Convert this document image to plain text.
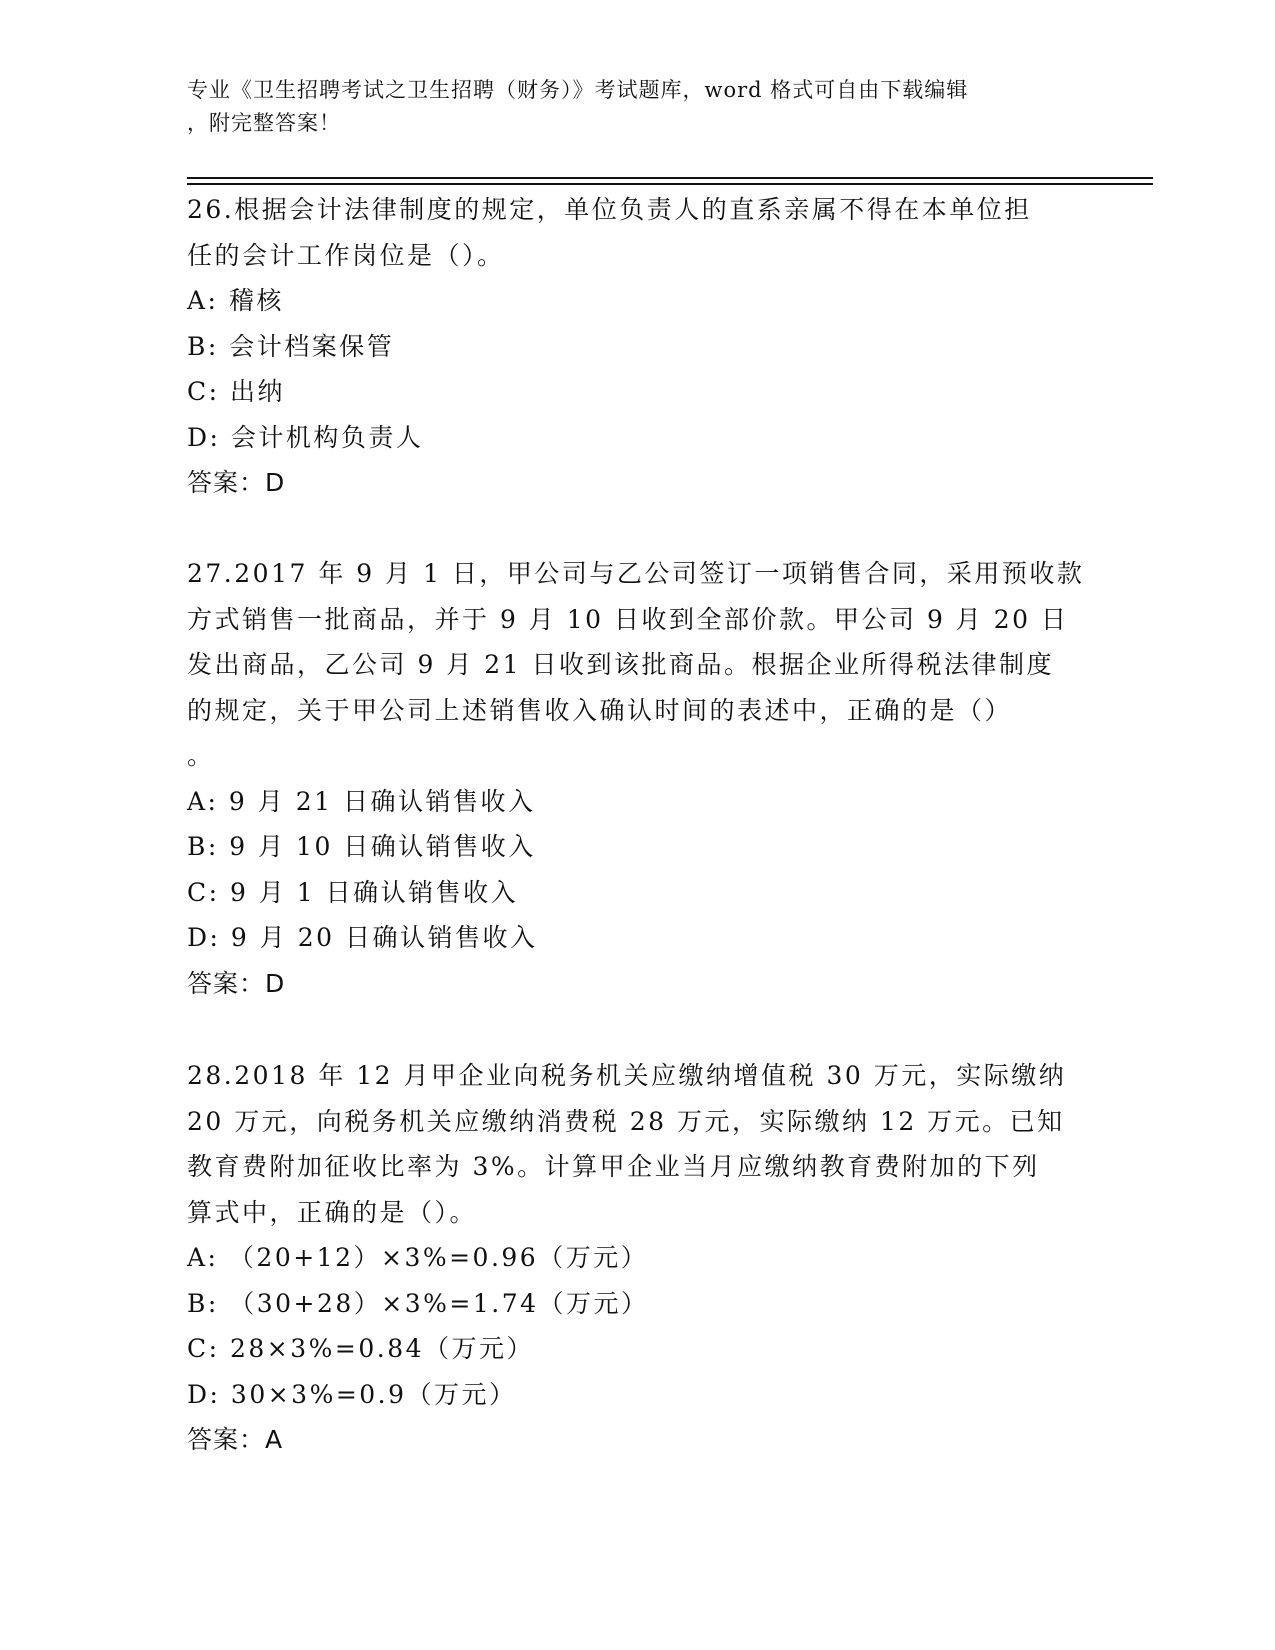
专业《卫生招聘考试之卫生招聘（财务）》考试题库，word 格式可自由下载编辑
，附完整答案！
26.根据会计法律制度的规定，单位负责人的直系亲属不得在本单位担
任的会计工作岗位是（）。
A: 稽核
B: 会计档案保管
C: 出纳
D: 会计机构负责人
答案：D
27.2017 年 9 月 1 日，甲公司与乙公司签订一项销售合同，采用预收款
方式销售一批商品，并于 9 月 10 日收到全部价款。甲公司 9 月 20 日
发出商品，乙公司 9 月 21 日收到该批商品。根据企业所得税法律制度
的规定，关于甲公司上述销售收入确认时间的表述中，正确的是（）
。
A: 9 月 21 日确认销售收入
B: 9 月 10 日确认销售收入
C: 9 月 1 日确认销售收入
D: 9 月 20 日确认销售收入
答案：D
28.2018 年 12 月甲企业向税务机关应缴纳增值税 30 万元，实际缴纳
20 万元，向税务机关应缴纳消费税 28 万元，实际缴纳 12 万元。已知
教育费附加征收比率为 3%。计算甲企业当月应缴纳教育费附加的下列
算式中，正确的是（）。
A: （20+12）×3%=0.96（万元）
B: （30+28）×3%=1.74（万元）
C: 28×3%=0.84（万元）
D: 30×3%=0.9（万元）
答案：A
